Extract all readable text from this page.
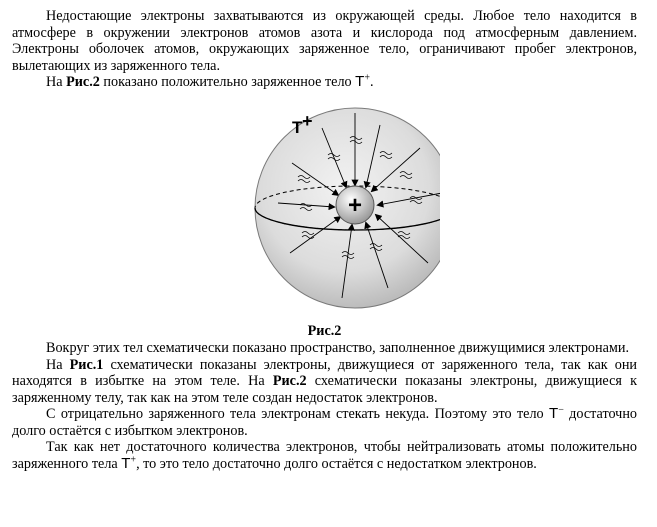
Недостающие электроны захватываются из окружающей среды. Любое тело находится в атмосфере в окружении электронов атомов азота и кислорода под атмосферным давлением. Электроны оболочек атомов, окружающих заряженное тело, ограничивают пробег электронов, вылетающих из заряженного тела.

На Рис.2 показано положительно заряженное тело T+.

+
T +
Рис.2

Вокруг этих тел схематически показано пространство, заполненное движущимися электронами.

На Рис.1 схематически показаны электроны, движущиеся от заряженного тела, так как они находятся в избытке на этом теле. На Рис.2 схематически показаны электроны, движущиеся к заряженному телу, так как на этом теле создан недостаток электронов.

С отрицательно заряженного тела электронам стекать некуда. Поэтому это тело T− достаточно долго остаётся с избытком электронов.

Так как нет достаточного количества электронов, чтобы нейтрализовать атомы положительно заряженного тела T+, то это тело достаточно долго остаётся с недостатком электронов.
